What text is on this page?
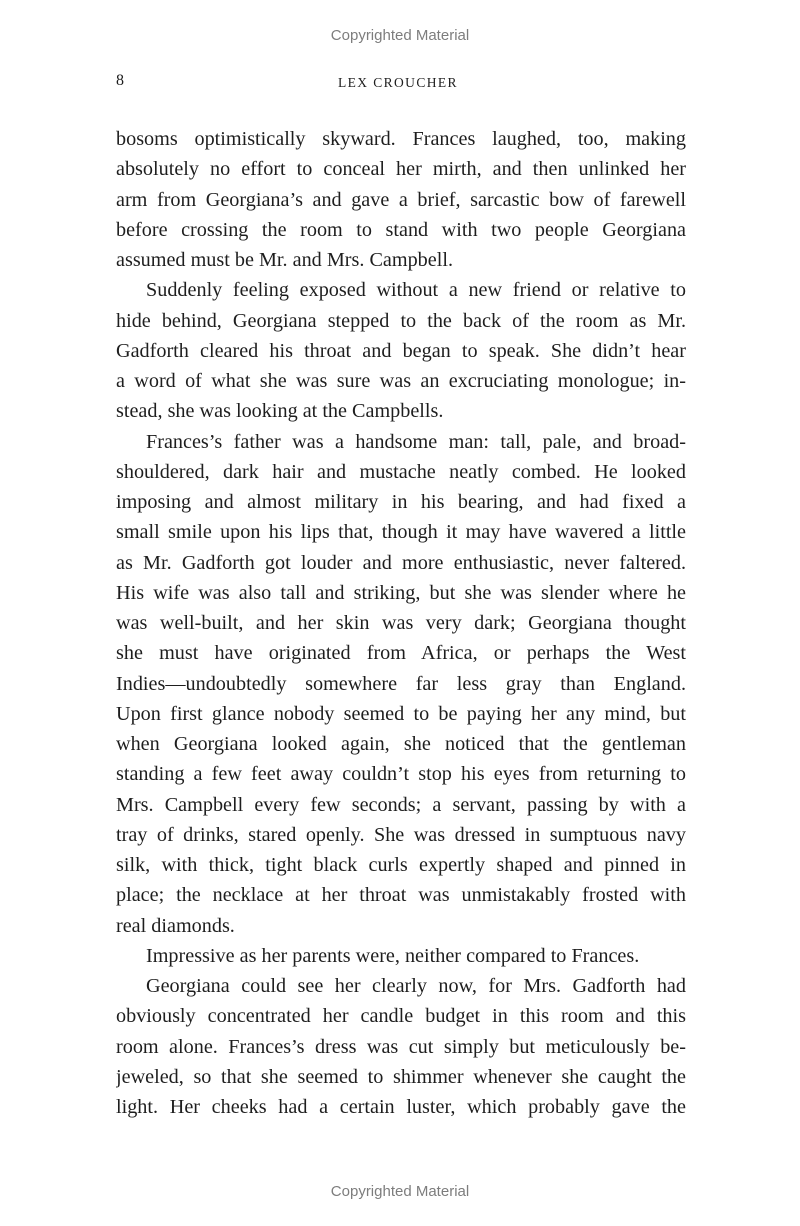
Copyrighted Material
8	LEX CROUCHER
bosoms optimistically skyward. Frances laughed, too, making
absolutely no effort to conceal her mirth, and then unlinked her
arm from Georgiana’s and gave a brief, sarcastic bow of farewell
before crossing the room to stand with two people Georgiana
assumed must be Mr. and Mrs. Campbell.
Suddenly feeling exposed without a new friend or relative to
hide behind, Georgiana stepped to the back of the room as Mr.
Gadforth cleared his throat and began to speak. She didn’t hear
a word of what she was sure was an excruciating monologue; in-
stead, she was looking at the Campbells.
Frances’s father was a handsome man: tall, pale, and broad-
shouldered, dark hair and mustache neatly combed. He looked
imposing and almost military in his bearing, and had fixed a
small smile upon his lips that, though it may have wavered a little
as Mr. Gadforth got louder and more enthusiastic, never faltered.
His wife was also tall and striking, but she was slender where he
was well-built, and her skin was very dark; Georgiana thought
she must have originated from Africa, or perhaps the West
Indies—undoubtedly somewhere far less gray than England.
Upon first glance nobody seemed to be paying her any mind, but
when Georgiana looked again, she noticed that the gentleman
standing a few feet away couldn’t stop his eyes from returning to
Mrs. Campbell every few seconds; a servant, passing by with a
tray of drinks, stared openly. She was dressed in sumptuous navy
silk, with thick, tight black curls expertly shaped and pinned in
place; the necklace at her throat was unmistakably frosted with
real diamonds.
Impressive as her parents were, neither compared to Frances.
Georgiana could see her clearly now, for Mrs. Gadforth had
obviously concentrated her candle budget in this room and this
room alone. Frances’s dress was cut simply but meticulously be-
jeweled, so that she seemed to shimmer whenever she caught the
light. Her cheeks had a certain luster, which probably gave the
Copyrighted Material
